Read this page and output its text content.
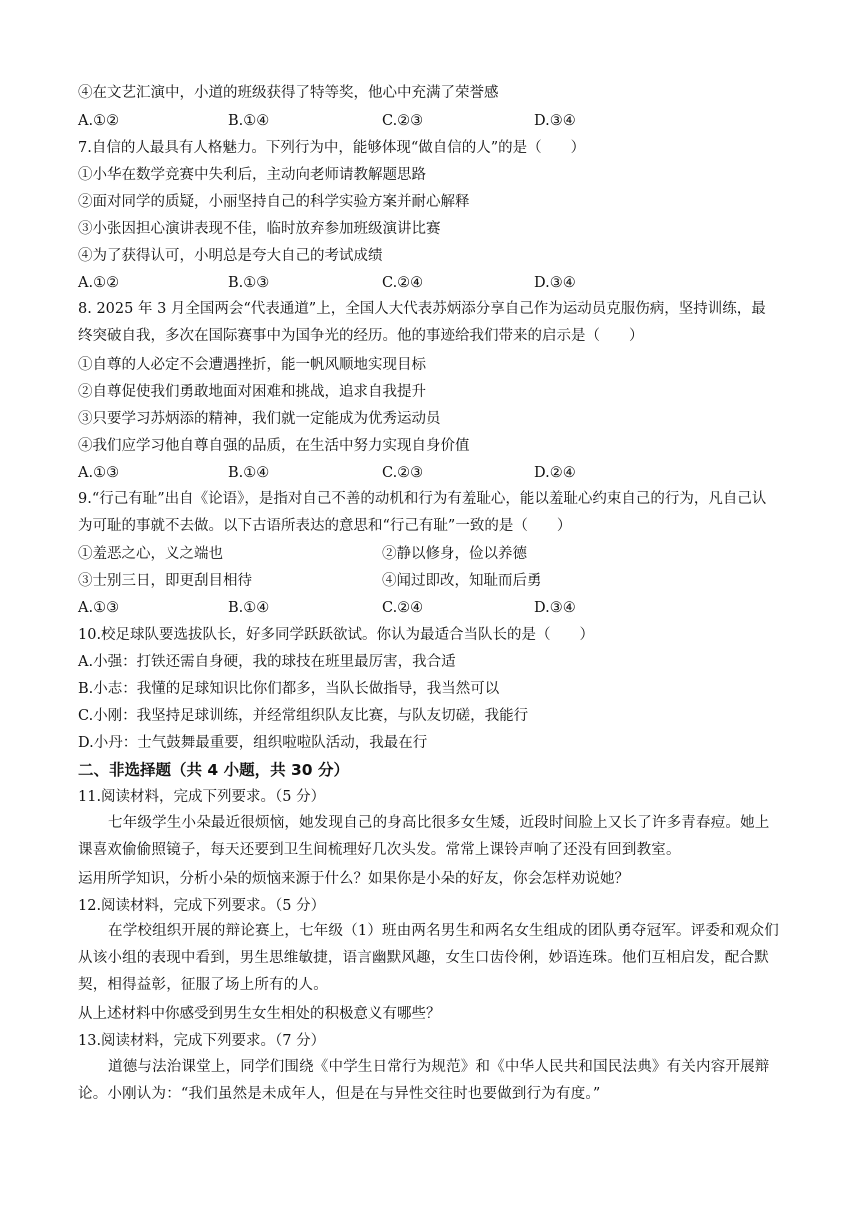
④在文艺汇演中，小道的班级获得了特等奖，他心中充满了荣誉感
A.①②	B.①④	C.②③	D.③④
7.自信的人最具有人格魅力。下列行为中，能够体现“做自信的人”的是（　　）
①小华在数学竞赛中失利后，主动向老师请教解题思路
②面对同学的质疑，小丽坚持自己的科学实验方案并耐心解释
③小张因担心演讲表现不佳，临时放弃参加班级演讲比赛
④为了获得认可，小明总是夸大自己的考试成绩
A.①②	B.①③	C.②④	D.③④
8. 2025 年 3 月全国两会“代表通道”上，全国人大代表苏炳添分享自己作为运动员克服伤病，坚持训练，最终突破自我，多次在国际赛事中为国争光的经历。他的事迹给我们带来的启示是（　　）
①自尊的人必定不会遭遇挫折，能一帆风顺地实现目标
②自尊促使我们勇敢地面对困难和挑战，追求自我提升
③只要学习苏炳添的精神，我们就一定能成为优秀运动员
④我们应学习他自尊自强的品质，在生活中努力实现自身价值
A.①③	B.①④	C.②③	D.②④
9.“行己有耻”出自《论语》，是指对自己不善的动机和行为有羞耻心，能以羞耻心约束自己的行为，凡自己认为可耻的事就不去做。以下古语所表达的意思和“行己有耻”一致的是（　　）
①羞恶之心，义之端也	②静以修身，俭以养德
③士别三日，即更刮目相待	④闻过即改，知耻而后勇
A.①③	B.①④	C.②④	D.③④
10.校足球队要选拔队长，好多同学跃跃欲试。你认为最适合当队长的是（　　）
A.小强：打铁还需自身硬，我的球技在班里最厉害，我合适
B.小志：我懂的足球知识比你们都多，当队长做指导，我当然可以
C.小刚：我坚持足球训练，并经常组织队友比赛，与队友切磋，我能行
D.小丹：士气鼓舞最重要，组织啦啦队活动，我最在行
二、非选择题（共 4 小题，共 30 分）
11.阅读材料，完成下列要求。（5 分）
七年级学生小朵最近很烦恼，她发现自己的身高比很多女生矮，近段时间脸上又长了许多青春痘。她上课喜欢偷偷照镜子，每天还要到卫生间梳理好几次头发。常常上课铃声响了还没有回到教室。
运用所学知识，分析小朵的烦恼来源于什么？如果你是小朵的好友，你会怎样劝说她？
12.阅读材料，完成下列要求。（5 分）
在学校组织开展的辩论赛上，七年级（1）班由两名男生和两名女生组成的团队勇夺冠军。评委和观众们从该小组的表现中看到，男生思维敏捷，语言幽默风趣，女生口齿伶俐，妙语连珠。他们互相启发，配合默契，相得益彰，征服了场上所有的人。
从上述材料中你感受到男生女生相处的积极意义有哪些？
13.阅读材料，完成下列要求。（7 分）
道德与法治课堂上，同学们围绕《中学生日常行为规范》和《中华人民共和国民法典》有关内容开展辩论。小刚认为：“我们虽然是未成年人，但是在与异性交往时也要做到行为有度。”
